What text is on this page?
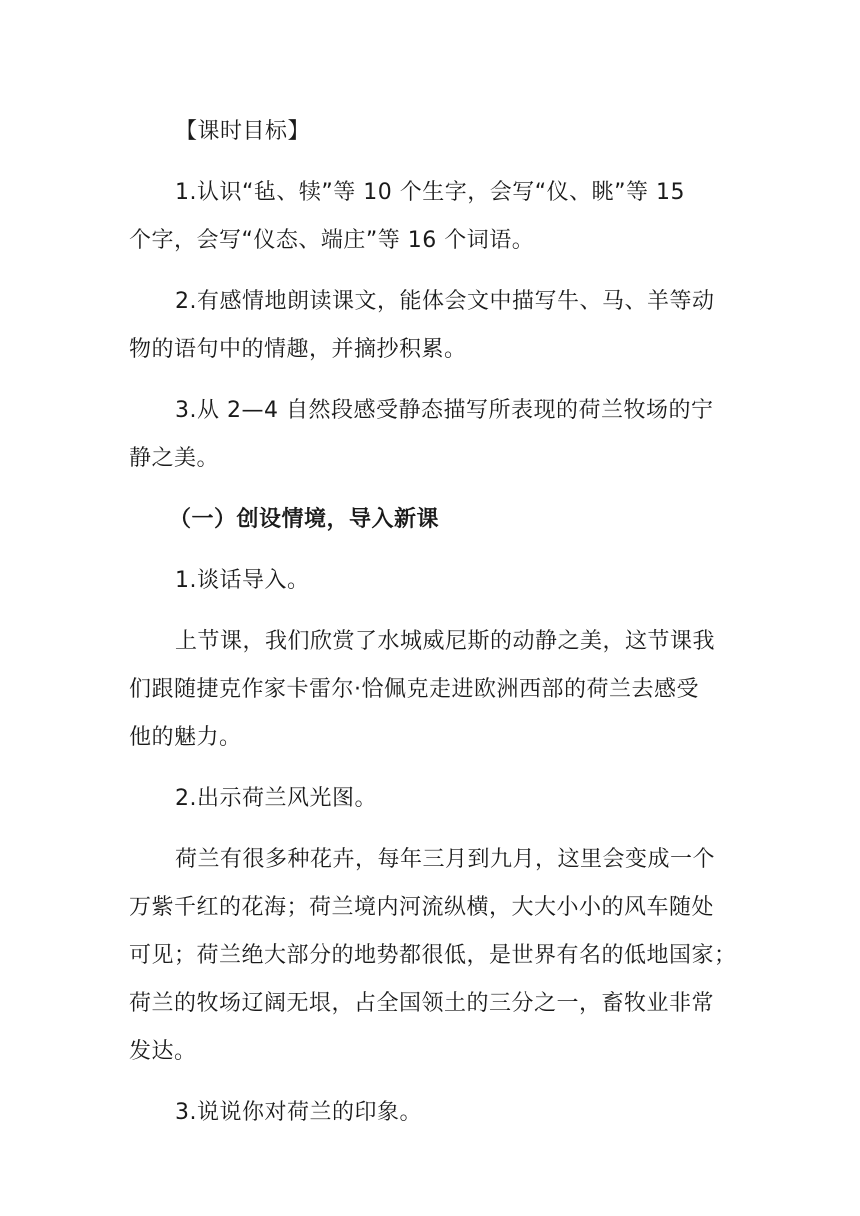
【课时目标】

1.认识“毡、犊”等 10 个生字，会写“仪、眺”等 15
个字，会写“仪态、端庄”等 16 个词语。
2.有感情地朗读课文，能体会文中描写牛、马、羊等动
物的语句中的情趣，并摘抄积累。
3.从 2—4 自然段感受静态描写所表现的荷兰牧场的宁
静之美。

（一）创设情境，导入新课

1.谈话导入。

上节课，我们欣赏了水城威尼斯的动静之美，这节课我
们跟随捷克作家卡雷尔·恰佩克走进欧洲西部的荷兰去感受
他的魅力。

2.出示荷兰风光图。

荷兰有很多种花卉，每年三月到九月，这里会变成一个
万紫千红的花海；荷兰境内河流纵横，大大小小的风车随处
可见；荷兰绝大部分的地势都很低，是世界有名的低地国家；
荷兰的牧场辽阔无垠，占全国领土的三分之一，畜牧业非常
发达。

3.说说你对荷兰的印象。
